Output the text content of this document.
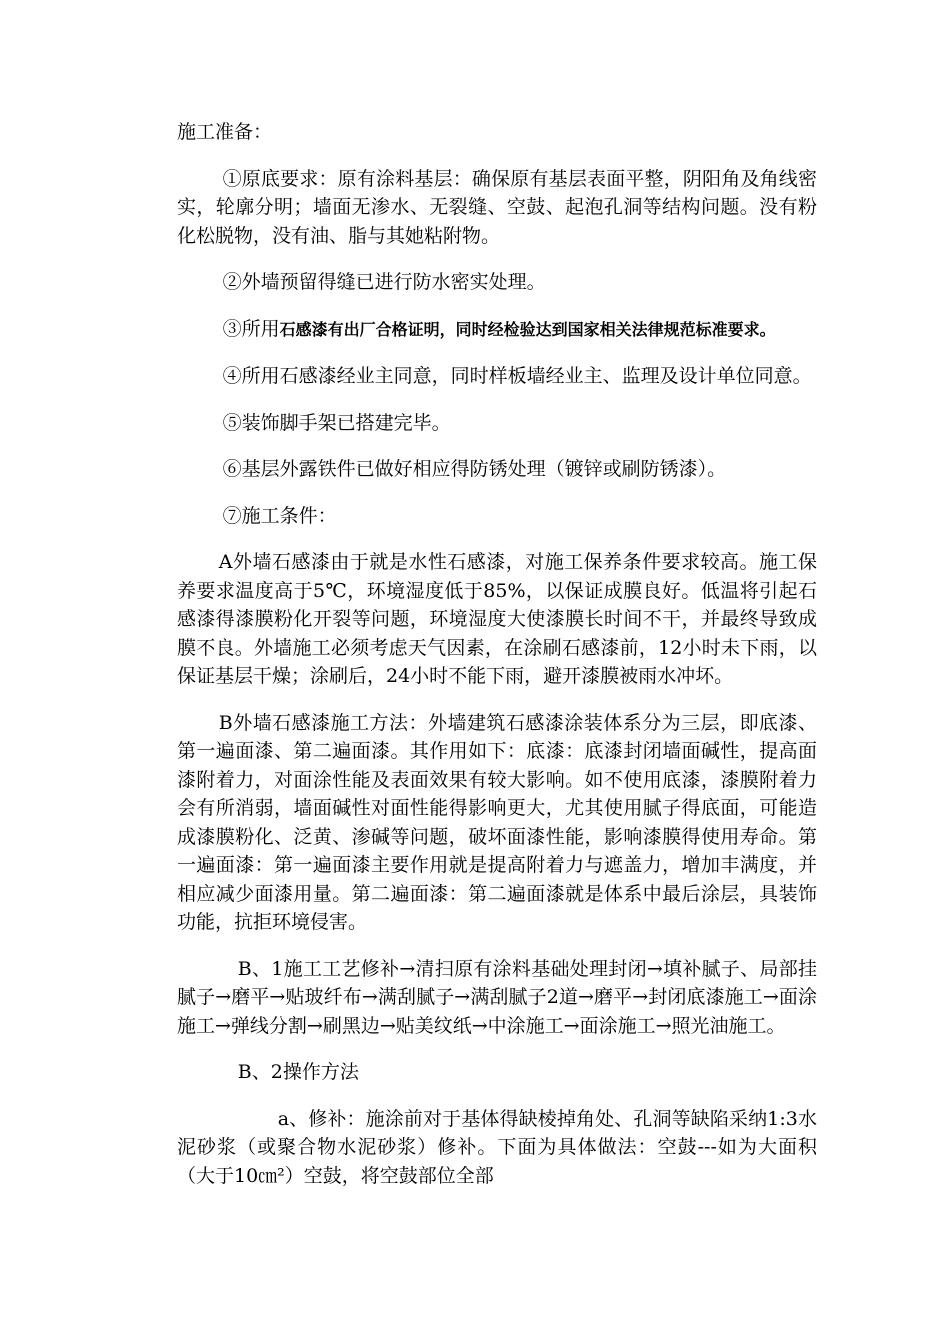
施工准备：

①原底要求：原有涂料基层：确保原有基层表面平整，阴阳角及角线密实，轮廓分明；墙面无渗水、无裂缝、空鼓、起泡孔洞等结构问题。没有粉化松脱物，没有油、脂与其她粘附物。

②外墙预留得缝已进行防水密实处理。

③所用石感漆有出厂合格证明，同时经检验达到国家相关法律规范标准要求。

④所用石感漆经业主同意，同时样板墙经业主、监理及设计单位同意。

⑤装饰脚手架已搭建完毕。

⑥基层外露铁件已做好相应得防锈处理（镀锌或刷防锈漆）。

⑦施工条件：

A外墙石感漆由于就是水性石感漆，对施工保养条件要求较高。施工保养要求温度高于5℃，环境湿度低于85%，以保证成膜良好。低温将引起石感漆得漆膜粉化开裂等问题，环境湿度大使漆膜长时间不干，并最终导致成膜不良。外墙施工必须考虑天气因素，在涂刷石感漆前，12小时未下雨，以保证基层干燥；涂刷后，24小时不能下雨，避开漆膜被雨水冲坏。

B外墙石感漆施工方法：外墙建筑石感漆涂装体系分为三层，即底漆、第一遍面漆、第二遍面漆。其作用如下：底漆：底漆封闭墙面碱性，提高面漆附着力，对面涂性能及表面效果有较大影响。如不使用底漆，漆膜附着力会有所消弱，墙面碱性对面性能得影响更大，尤其使用腻子得底面，可能造成漆膜粉化、泛黄、渗碱等问题，破坏面漆性能，影响漆膜得使用寿命。第一遍面漆：第一遍面漆主要作用就是提高附着力与遮盖力，增加丰满度，并相应减少面漆用量。第二遍面漆：第二遍面漆就是体系中最后涂层，具装饰功能，抗拒环境侵害。

B、1施工工艺修补→清扫原有涂料基础处理封闭→填补腻子、局部挂腻子→磨平→贴玻纤布→满刮腻子→满刮腻子2道→磨平→封闭底漆施工→面涂施工→弹线分割→刷黑边→贴美纹纸→中涂施工→面涂施工→照光油施工。

B、2操作方法

a、修补：施涂前对于基体得缺棱掉角处、孔洞等缺陷采纳1:3水泥砂浆（或聚合物水泥砂浆）修补。下面为具体做法：空鼓---如为大面积（大于10㎝²）空鼓，将空鼓部位全部
